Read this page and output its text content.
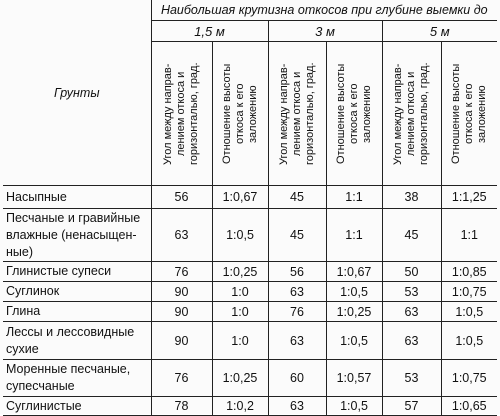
Грунты	Наибольшая крутизна откосов при глубине выемки до					
	1,5 м		3 м		5 м	

	Угол между направ-
лением откоса и
горизонталью, град.	Отношение высоты
откоса к его
заложению	Угол между направ-
лением откоса и
горизонталью, град.	Отношение высоты
откоса к его
заложению	Угол между направ-
лением откоса и
горизонталью, град.	Отношение высоты
откоса к его
заложению

Насыпные	56	1:0,67	45	1:1	38	1:1,25
Песчаные и гравийные влажные (ненасыщен-ные)	63	1:0,5	45	1:1	45	1:1
Глинистые супеси	76	1:0,25	56	1:0,67	50	1:0,85
Суглинок	90	1:0	63	1:0,5	53	1:0,75
Глина	90	1:0	76	1:0,25	63	1:0,5
Лессы и лессовидные сухие	90	1:0	63	1:0,5	63	1:0,5
Моренные песчаные, супесчаные	76	1:0,25	60	1:0,57	53	1:0,75
Суглинистые	78	1:0,2	63	1:0,5	57	1:0,65
